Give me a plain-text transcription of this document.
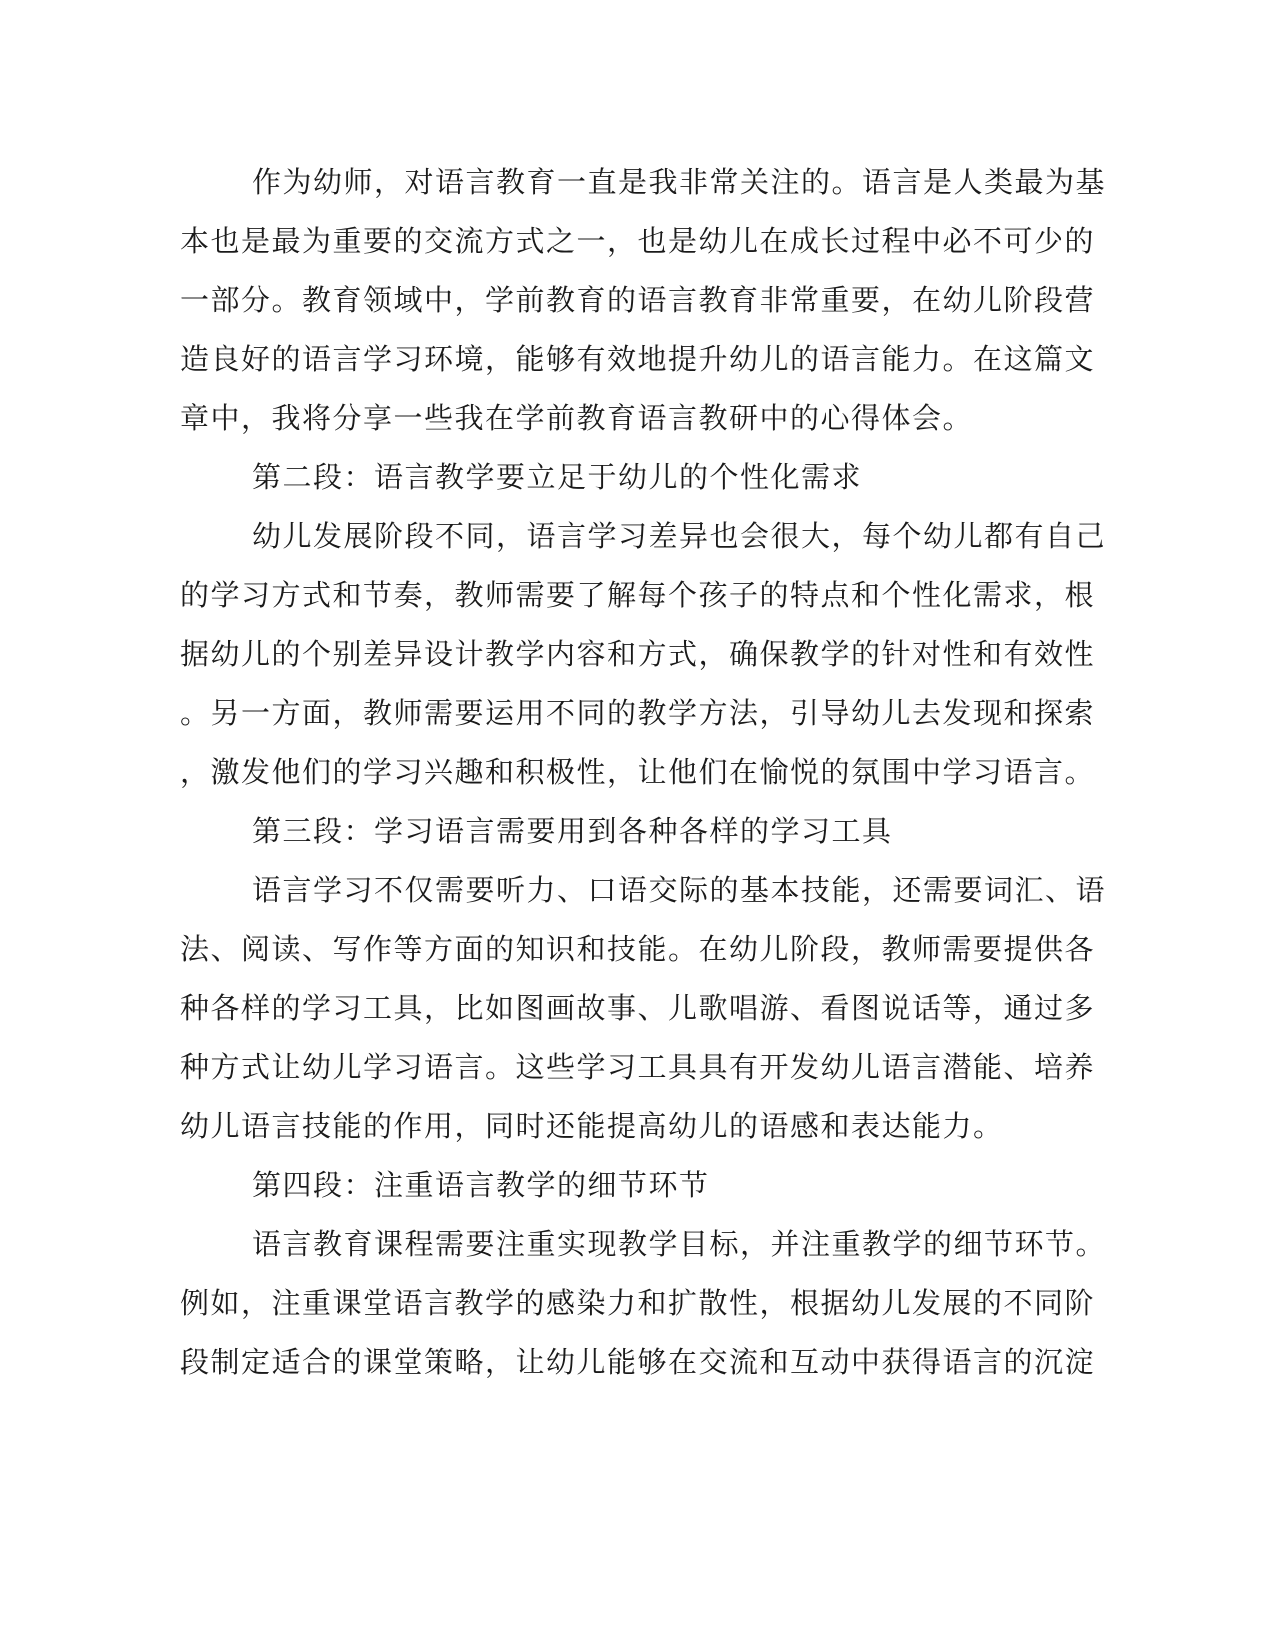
作为幼师，对语言教育一直是我非常关注的。语言是人类最为基
本也是最为重要的交流方式之一，也是幼儿在成长过程中必不可少的
一部分。教育领域中，学前教育的语言教育非常重要，在幼儿阶段营
造良好的语言学习环境，能够有效地提升幼儿的语言能力。在这篇文
章中，我将分享一些我在学前教育语言教研中的心得体会。
第二段：语言教学要立足于幼儿的个性化需求
幼儿发展阶段不同，语言学习差异也会很大，每个幼儿都有自己
的学习方式和节奏，教师需要了解每个孩子的特点和个性化需求，根
据幼儿的个别差异设计教学内容和方式，确保教学的针对性和有效性
。另一方面，教师需要运用不同的教学方法，引导幼儿去发现和探索
，激发他们的学习兴趣和积极性，让他们在愉悦的氛围中学习语言。
第三段：学习语言需要用到各种各样的学习工具
语言学习不仅需要听力、口语交际的基本技能，还需要词汇、语
法、阅读、写作等方面的知识和技能。在幼儿阶段，教师需要提供各
种各样的学习工具，比如图画故事、儿歌唱游、看图说话等，通过多
种方式让幼儿学习语言。这些学习工具具有开发幼儿语言潜能、培养
幼儿语言技能的作用，同时还能提高幼儿的语感和表达能力。
第四段：注重语言教学的细节环节
语言教育课程需要注重实现教学目标，并注重教学的细节环节。
例如，注重课堂语言教学的感染力和扩散性，根据幼儿发展的不同阶
段制定适合的课堂策略，让幼儿能够在交流和互动中获得语言的沉淀
